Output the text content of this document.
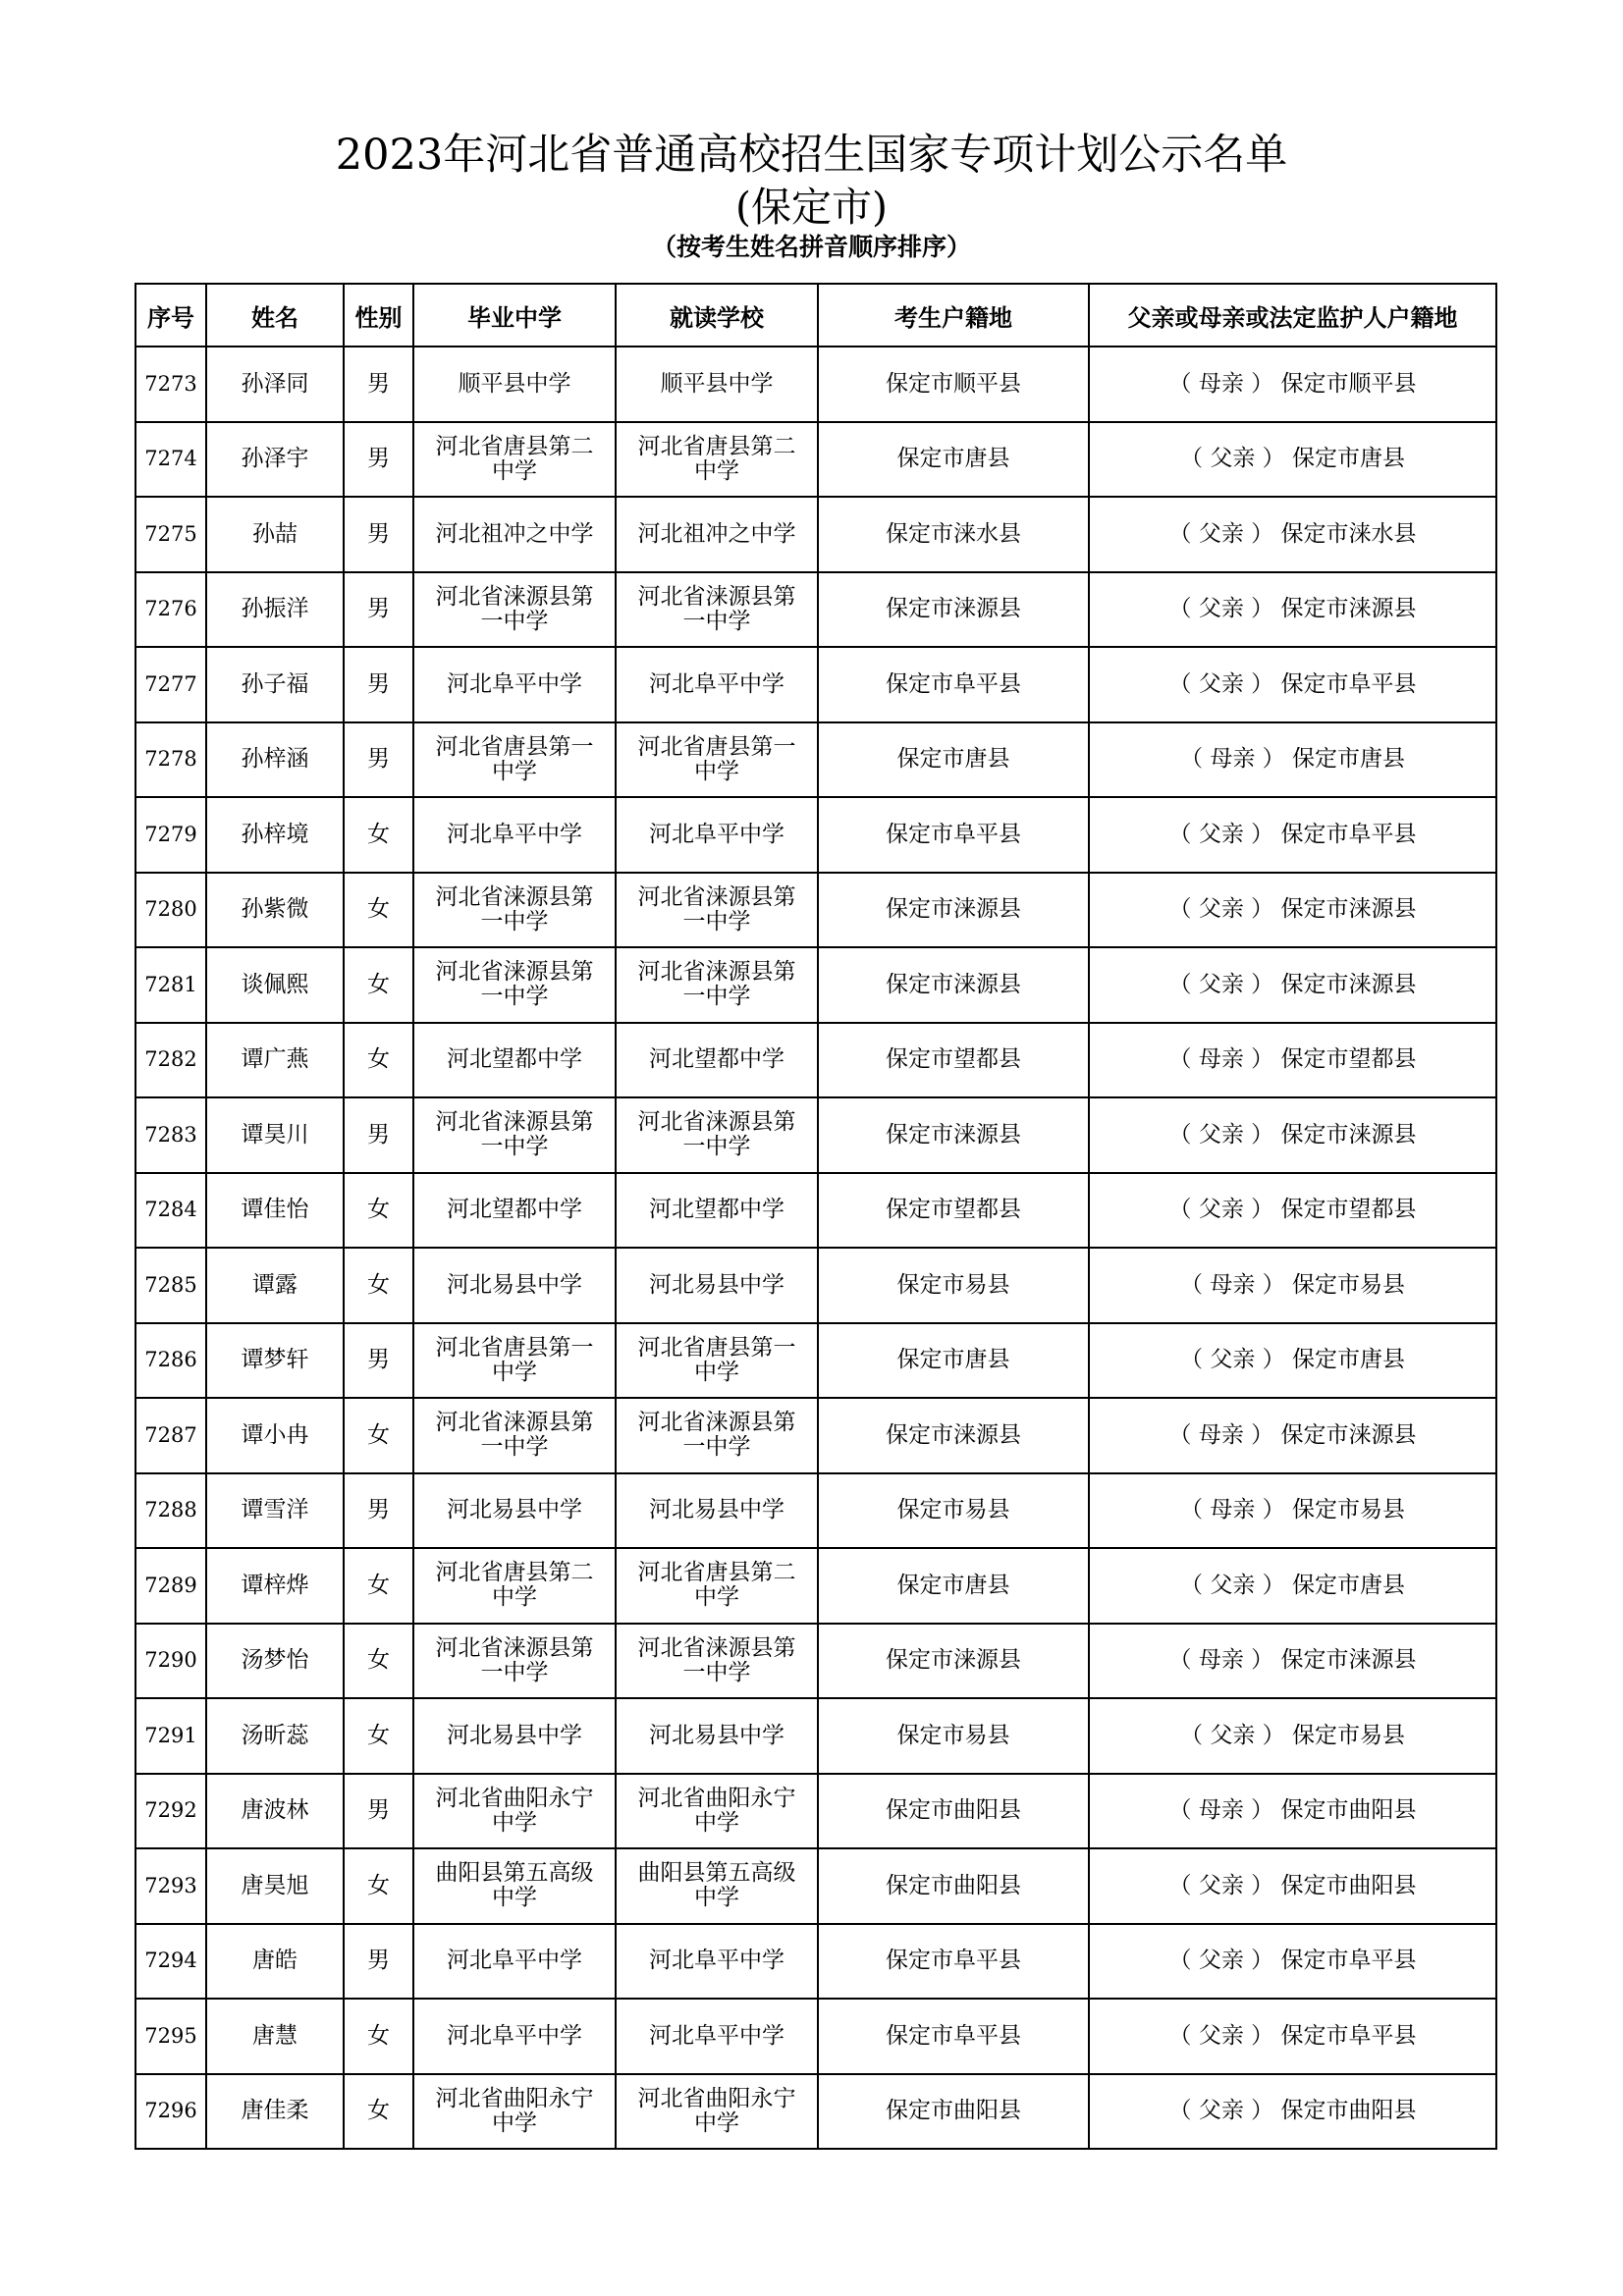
2023年河北省普通高校招生国家专项计划公示名单
(保定市)
（按考生姓名拼音顺序排序）
序号	姓名	性别	毕业中学	就读学校	考生户籍地	父亲或母亲或法定监护人户籍地
7273	孙泽同	男	顺平县中学	顺平县中学	保定市顺平县	（ 母亲 ） 保定市顺平县
7274	孙泽宇	男	河北省唐县第二中学	河北省唐县第二中学	保定市唐县	（ 父亲 ） 保定市唐县
7275	孙喆	男	河北祖冲之中学	河北祖冲之中学	保定市涞水县	（ 父亲 ） 保定市涞水县
7276	孙振洋	男	河北省涞源县第一中学	河北省涞源县第一中学	保定市涞源县	（ 父亲 ） 保定市涞源县
7277	孙子福	男	河北阜平中学	河北阜平中学	保定市阜平县	（ 父亲 ） 保定市阜平县
7278	孙梓涵	男	河北省唐县第一中学	河北省唐县第一中学	保定市唐县	（ 母亲 ） 保定市唐县
7279	孙梓境	女	河北阜平中学	河北阜平中学	保定市阜平县	（ 父亲 ） 保定市阜平县
7280	孙紫微	女	河北省涞源县第一中学	河北省涞源县第一中学	保定市涞源县	（ 父亲 ） 保定市涞源县
7281	谈佩熙	女	河北省涞源县第一中学	河北省涞源县第一中学	保定市涞源县	（ 父亲 ） 保定市涞源县
7282	谭广燕	女	河北望都中学	河北望都中学	保定市望都县	（ 母亲 ） 保定市望都县
7283	谭昊川	男	河北省涞源县第一中学	河北省涞源县第一中学	保定市涞源县	（ 父亲 ） 保定市涞源县
7284	谭佳怡	女	河北望都中学	河北望都中学	保定市望都县	（ 父亲 ） 保定市望都县
7285	谭露	女	河北易县中学	河北易县中学	保定市易县	（ 母亲 ） 保定市易县
7286	谭梦轩	男	河北省唐县第一中学	河北省唐县第一中学	保定市唐县	（ 父亲 ） 保定市唐县
7287	谭小冉	女	河北省涞源县第一中学	河北省涞源县第一中学	保定市涞源县	（ 母亲 ） 保定市涞源县
7288	谭雪洋	男	河北易县中学	河北易县中学	保定市易县	（ 母亲 ） 保定市易县
7289	谭梓烨	女	河北省唐县第二中学	河北省唐县第二中学	保定市唐县	（ 父亲 ） 保定市唐县
7290	汤梦怡	女	河北省涞源县第一中学	河北省涞源县第一中学	保定市涞源县	（ 母亲 ） 保定市涞源县
7291	汤昕蕊	女	河北易县中学	河北易县中学	保定市易县	（ 父亲 ） 保定市易县
7292	唐波林	男	河北省曲阳永宁中学	河北省曲阳永宁中学	保定市曲阳县	（ 母亲 ） 保定市曲阳县
7293	唐昊旭	女	曲阳县第五高级中学	曲阳县第五高级中学	保定市曲阳县	（ 父亲 ） 保定市曲阳县
7294	唐皓	男	河北阜平中学	河北阜平中学	保定市阜平县	（ 父亲 ） 保定市阜平县
7295	唐慧	女	河北阜平中学	河北阜平中学	保定市阜平县	（ 父亲 ） 保定市阜平县
7296	唐佳柔	女	河北省曲阳永宁中学	河北省曲阳永宁中学	保定市曲阳县	（ 父亲 ） 保定市曲阳县
